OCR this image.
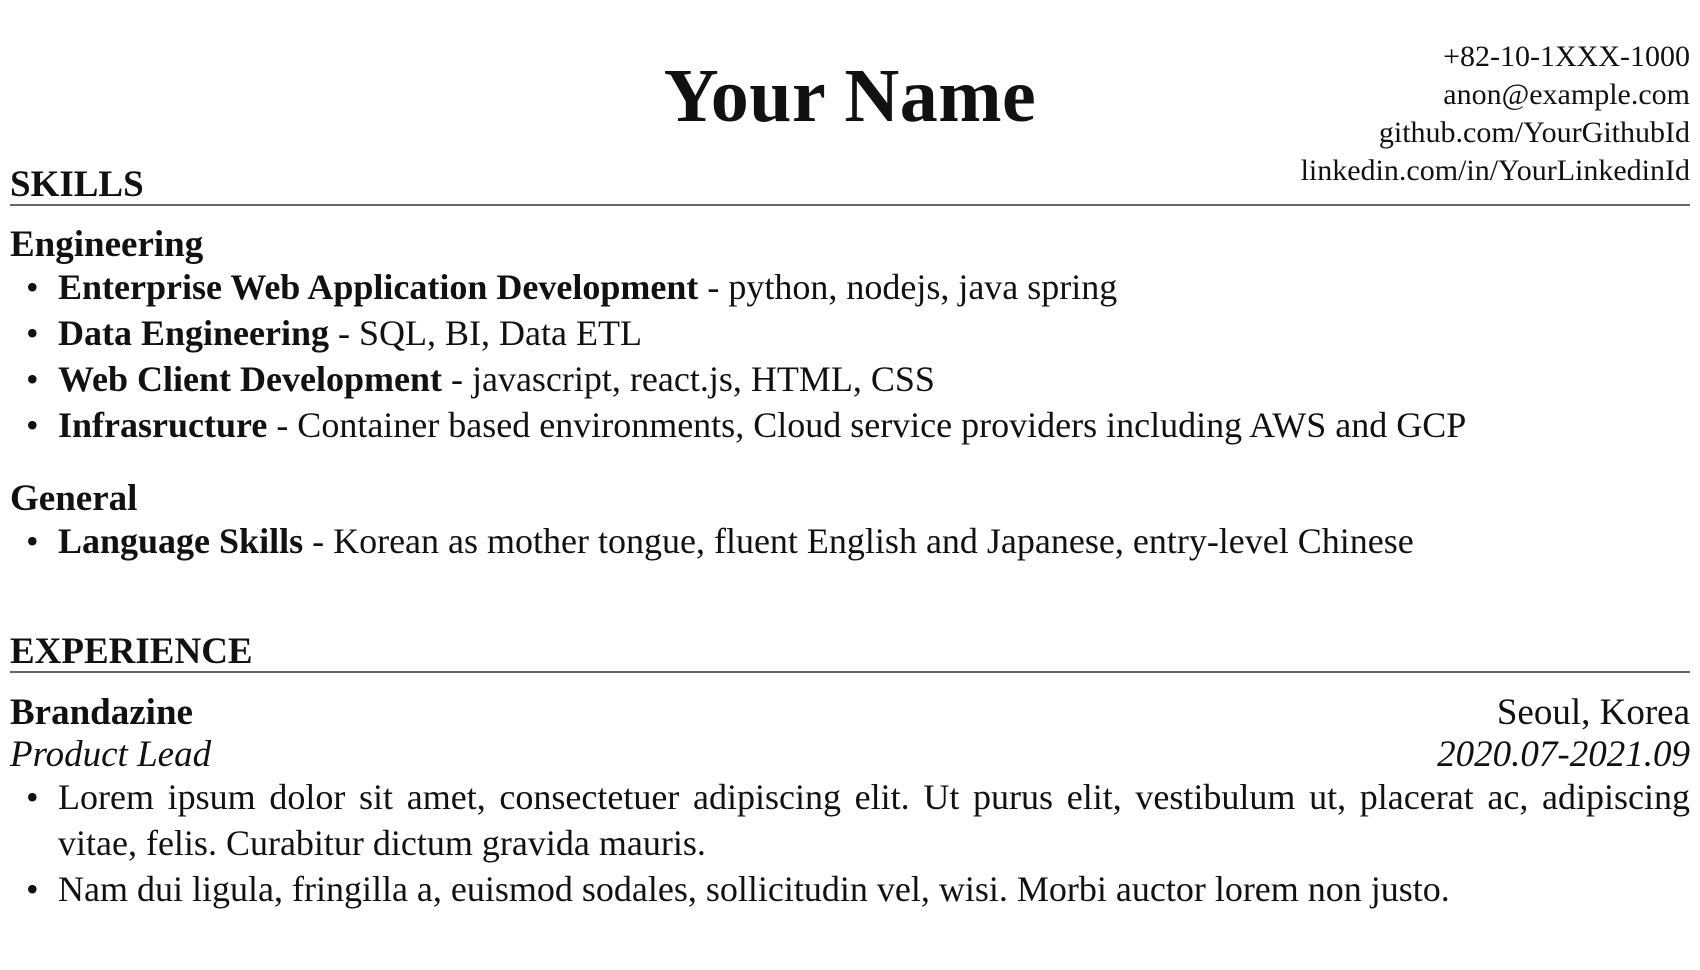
Your Name	+82-10-1XXX-1000
anon@example.com
github.com/YourGithubId
linkedin.com/in/YourLinkedinId
SKILLS
Engineering
• Enterprise Web Application Development - python, nodejs, java spring
• Data Engineering - SQL, BI, Data ETL
• Web Client Development - javascript, react.js, HTML, CSS
• Infrasructure - Container based environments, Cloud service providers including AWS and GCP
General
• Language Skills - Korean as mother tongue, fluent English and Japanese, entry-level Chinese
EXPERIENCE
Brandazine	Seoul, Korea
Product Lead	2020.07-2021.09
• Lorem ipsum dolor sit amet, consectetuer adipiscing elit. Ut purus elit, vestibulum ut, placerat ac, adipiscing vitae, felis. Curabitur dictum gravida mauris.
• Nam dui ligula, fringilla a, euismod sodales, sollicitudin vel, wisi. Morbi auctor lorem non justo.
